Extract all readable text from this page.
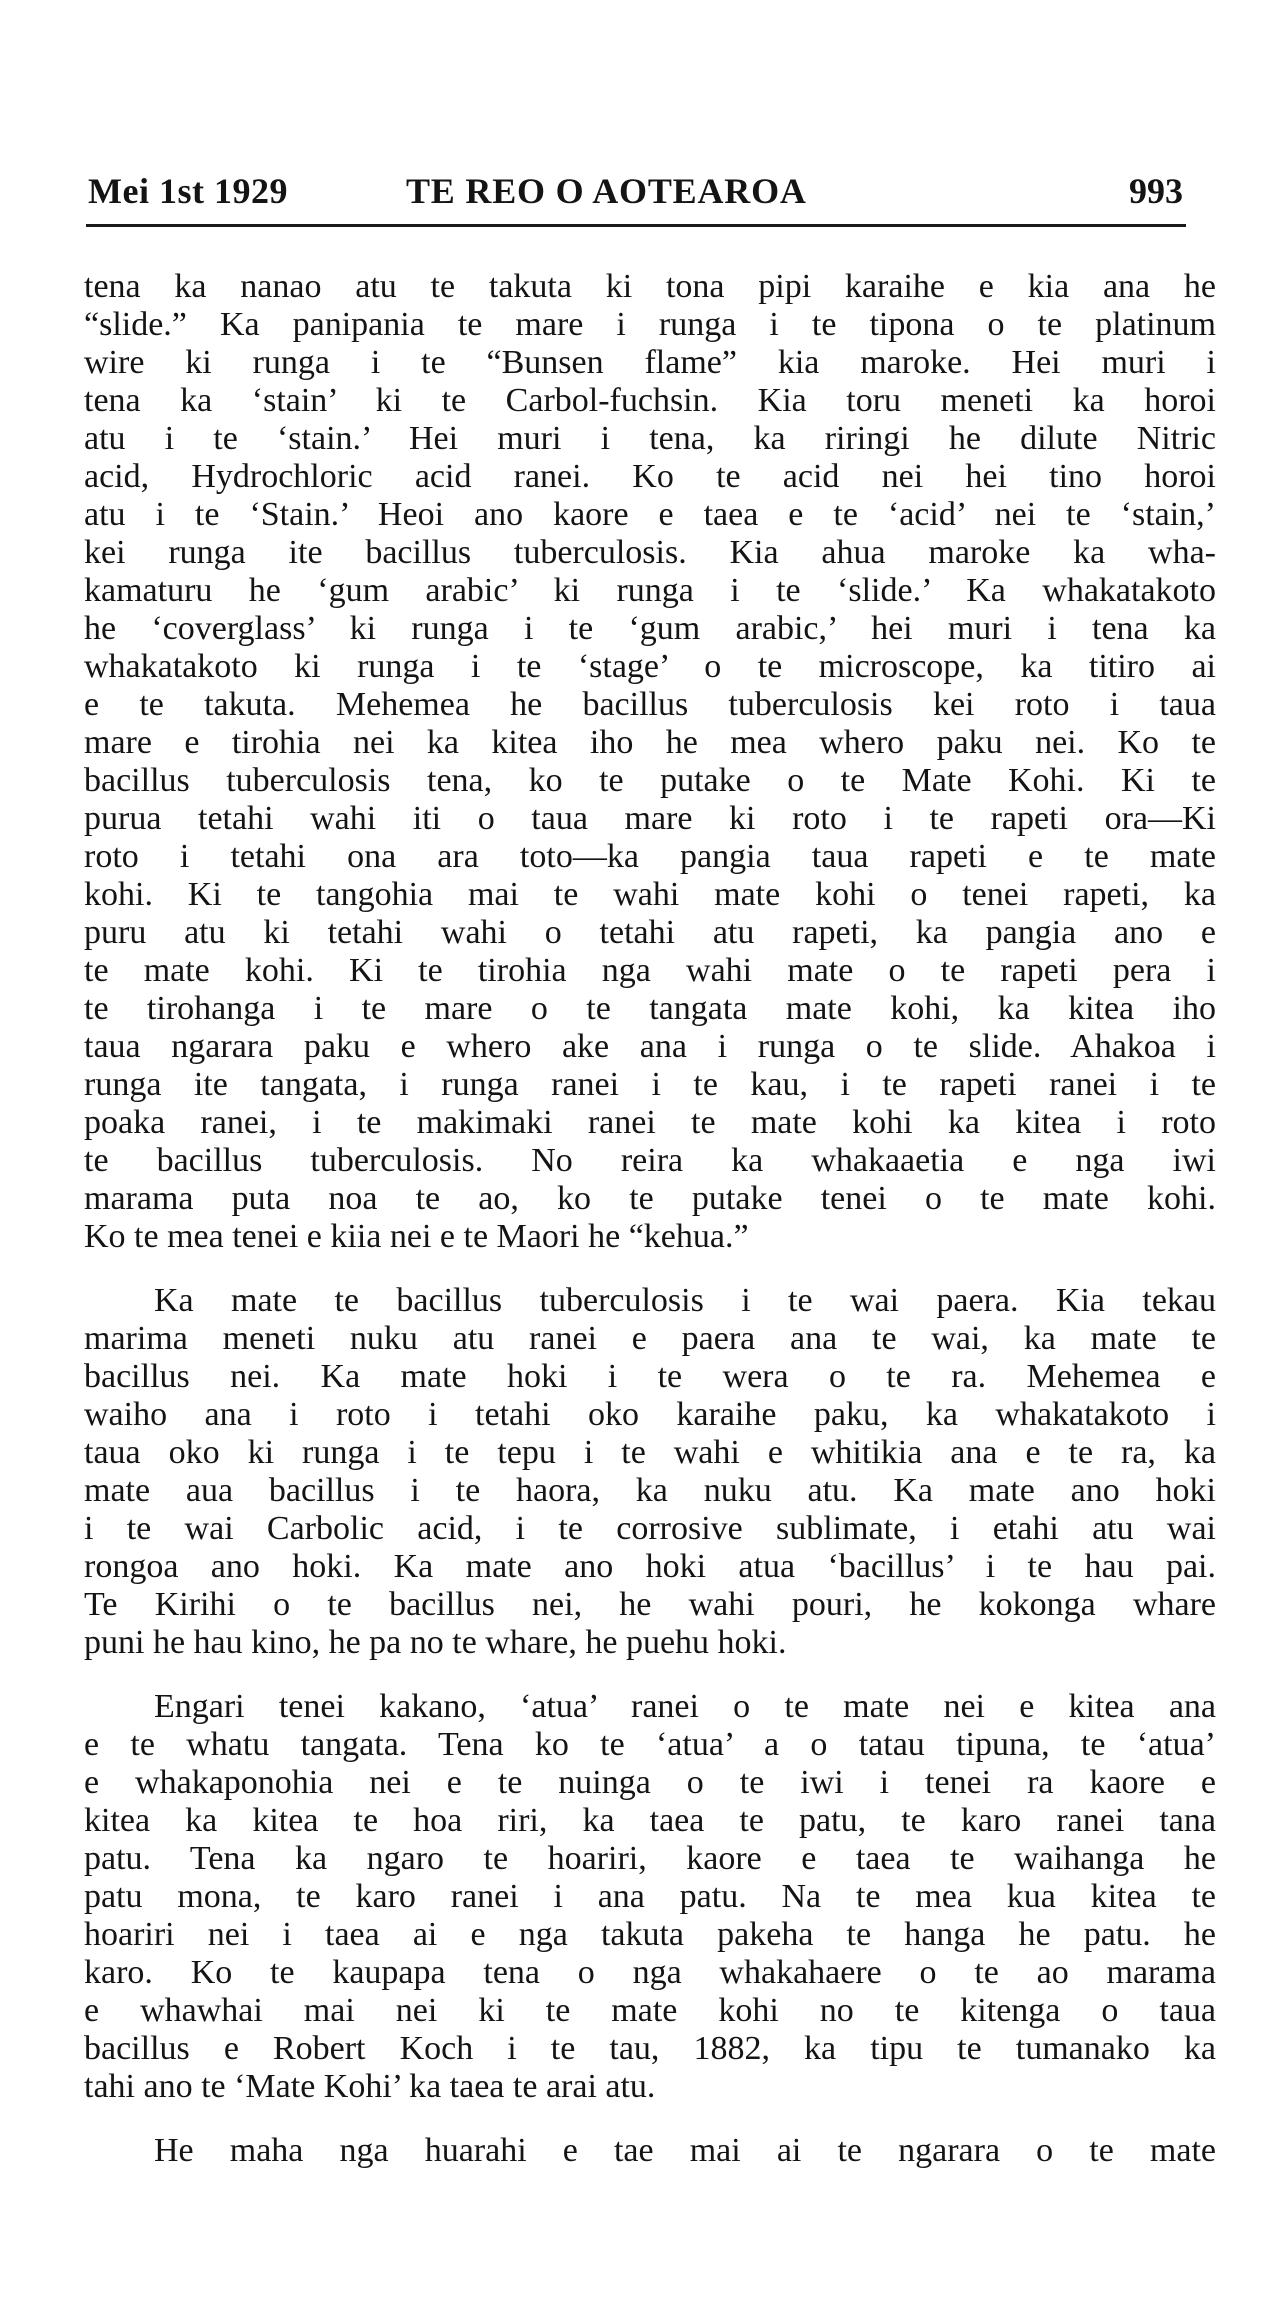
Mei 1st 1929	TE REO O AOTEAROA	993
tena ka nanao atu te takuta ki tona pipi karaihe e kia ana he
“slide.” Ka panipania te mare i runga i te tipona o te platinum
wire ki runga i te “Bunsen flame” kia maroke. Hei muri i
tena ka ‘stain’ ki te Carbol-fuchsin. Kia toru meneti ka horoi
atu i te ‘stain.’ Hei muri i tena, ka riringi he dilute Nitric
acid, Hydrochloric acid ranei. Ko te acid nei hei tino horoi
atu i te ‘Stain.’ Heoi ano kaore e taea e te ‘acid’ nei te ‘stain,’
kei runga ite bacillus tuberculosis. Kia ahua maroke ka wha-
kamaturu he ‘gum arabic’ ki runga i te ‘slide.’ Ka whakatakoto
he ‘coverglass’ ki runga i te ‘gum arabic,’ hei muri i tena ka
whakatakoto ki runga i te ‘stage’ o te microscope, ka titiro ai
e te takuta. Mehemea he bacillus tuberculosis kei roto i taua
mare e tirohia nei ka kitea iho he mea whero paku nei. Ko te
bacillus tuberculosis tena, ko te putake o te Mate Kohi. Ki te
purua tetahi wahi iti o taua mare ki roto i te rapeti ora—Ki
roto i tetahi ona ara toto—ka pangia taua rapeti e te mate
kohi. Ki te tangohia mai te wahi mate kohi o tenei rapeti, ka
puru atu ki tetahi wahi o tetahi atu rapeti, ka pangia ano e
te mate kohi. Ki te tirohia nga wahi mate o te rapeti pera i
te tirohanga i te mare o te tangata mate kohi, ka kitea iho
taua ngarara paku e whero ake ana i runga o te slide. Ahakoa i
runga ite tangata, i runga ranei i te kau, i te rapeti ranei i te
poaka ranei, i te makimaki ranei te mate kohi ka kitea i roto
te bacillus tuberculosis. No reira ka whakaaetia e nga iwi
marama puta noa te ao, ko te putake tenei o te mate kohi.
Ko te mea tenei e kiia nei e te Maori he “kehua.”
Ka mate te bacillus tuberculosis i te wai paera. Kia tekau
marima meneti nuku atu ranei e paera ana te wai, ka mate te
bacillus nei. Ka mate hoki i te wera o te ra. Mehemea e
waiho ana i roto i tetahi oko karaihe paku, ka whakatakoto i
taua oko ki runga i te tepu i te wahi e whitikia ana e te ra, ka
mate aua bacillus i te haora, ka nuku atu. Ka mate ano hoki
i te wai Carbolic acid, i te corrosive sublimate, i etahi atu wai
rongoa ano hoki. Ka mate ano hoki atua ‘bacillus’ i te hau pai.
Te Kirihi o te bacillus nei, he wahi pouri, he kokonga whare
puni he hau kino, he pa no te whare, he puehu hoki.
Engari tenei kakano, ‘atua’ ranei o te mate nei e kitea ana
e te whatu tangata. Tena ko te ‘atua’ a o tatau tipuna, te ‘atua’
e whakaponohia nei e te nuinga o te iwi i tenei ra kaore e
kitea ka kitea te hoa riri, ka taea te patu, te karo ranei tana
patu. Tena ka ngaro te hoariri, kaore e taea te waihanga he
patu mona, te karo ranei i ana patu. Na te mea kua kitea te
hoariri nei i taea ai e nga takuta pakeha te hanga he patu. he
karo. Ko te kaupapa tena o nga whakahaere o te ao marama
e whawhai mai nei ki te mate kohi no te kitenga o taua
bacillus e Robert Koch i te tau, 1882, ka tipu te tumanako ka
tahi ano te ‘Mate Kohi’ ka taea te arai atu.
He maha nga huarahi e tae mai ai te ngarara o te mate
